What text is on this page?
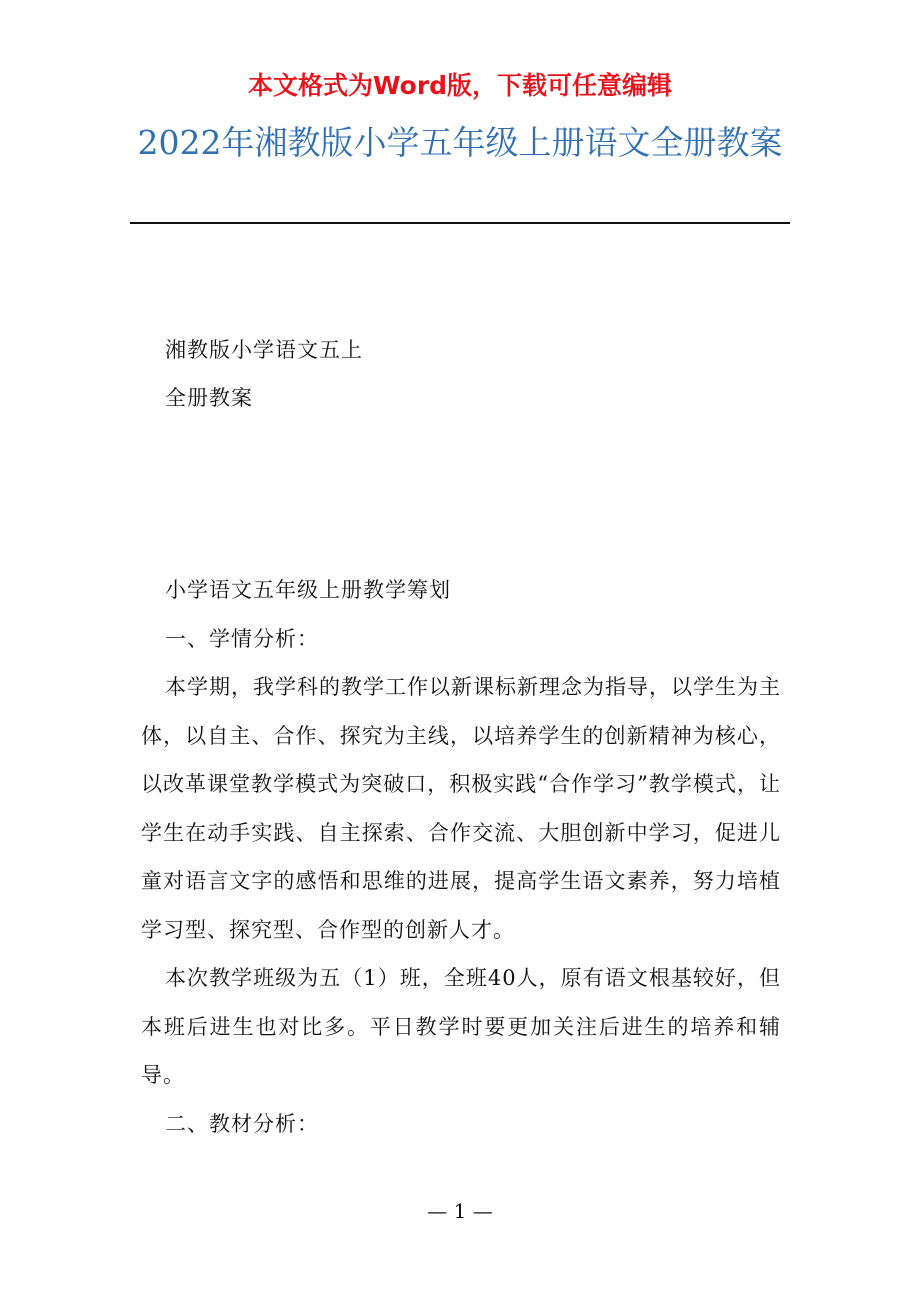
本文格式为Word版，下载可任意编辑
2022年湘教版小学五年级上册语文全册教案
湘教版小学语文五上
全册教案

小学语文五年级上册教学筹划

一、学情分析：

本学期，我学科的教学工作以新课标新理念为指导，以学生为主体，以自主、合作、探究为主线，以培养学生的创新精神为核心，以改革课堂教学模式为突破口，积极实践“合作学习”教学模式，让学生在动手实践、自主探索、合作交流、大胆创新中学习，促进儿童对语言文字的感悟和思维的进展，提高学生语文素养，努力培植学习型、探究型、合作型的创新人才。

本次教学班级为五（1）班，全班40人，原有语文根基较好，但本班后进生也对比多。平日教学时要更加关注后进生的培养和辅导。

二、教材分析：

— 1 —
